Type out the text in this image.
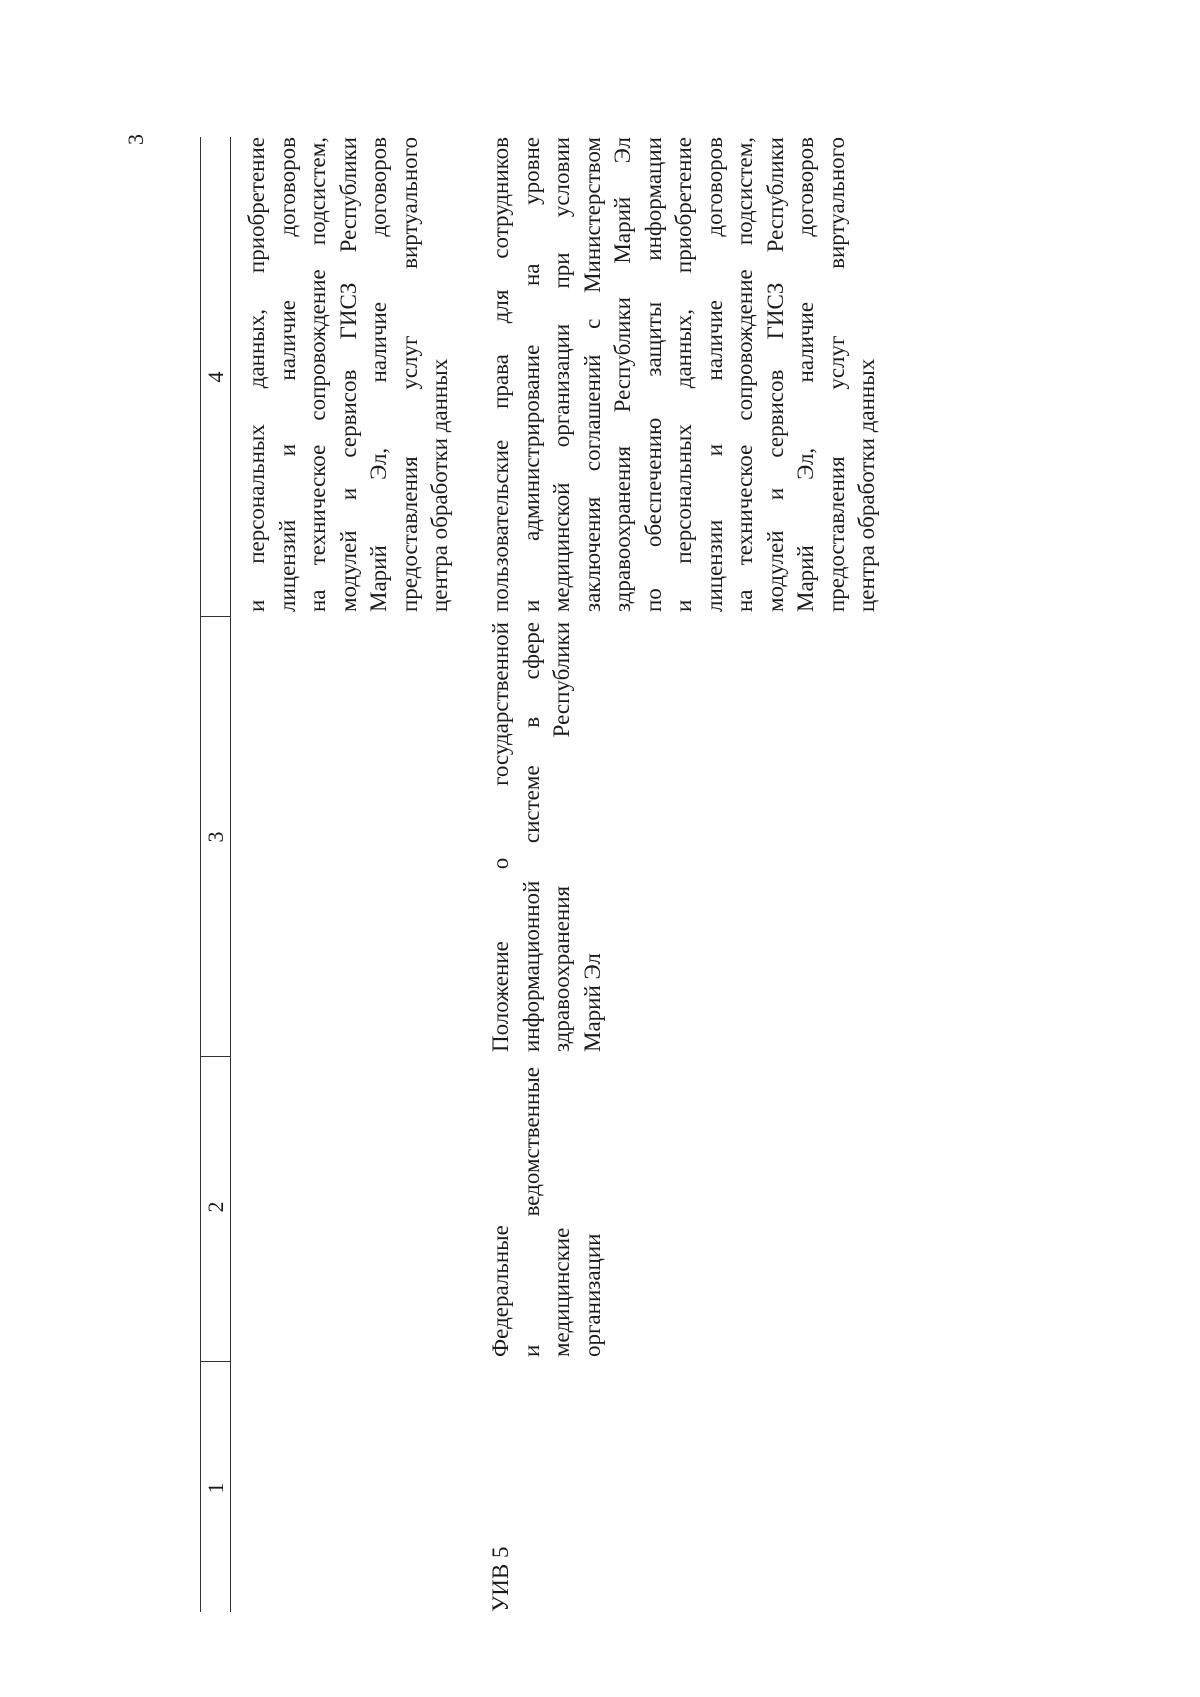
3
1
2
3
4 и персональных данных, приобретение лицензий и наличие договоров на техническое сопровождение подсистем, модулей и сервисов ГИСЗ Республики Марий Эл, наличие договоров предоставления услуг виртуального центра обработки данных
УИВ 5
Федеральные и ведомственные медицинские организации
Положение о государственной информационной системе в сфере здравоохранения Республики Марий Эл
пользовательские права для сотрудников и администрирование на уровне медицинской организации при условии заключения соглашений с Министерством здравоохранения Республики Марий Эл по обеспечению защиты информации и персональных данных, приобретение лицензии и наличие договоров на техническое сопровождение подсистем, модулей и сервисов ГИСЗ Республики Марий Эл, наличие договоров предоставления услуг виртуального центра обработки данных
